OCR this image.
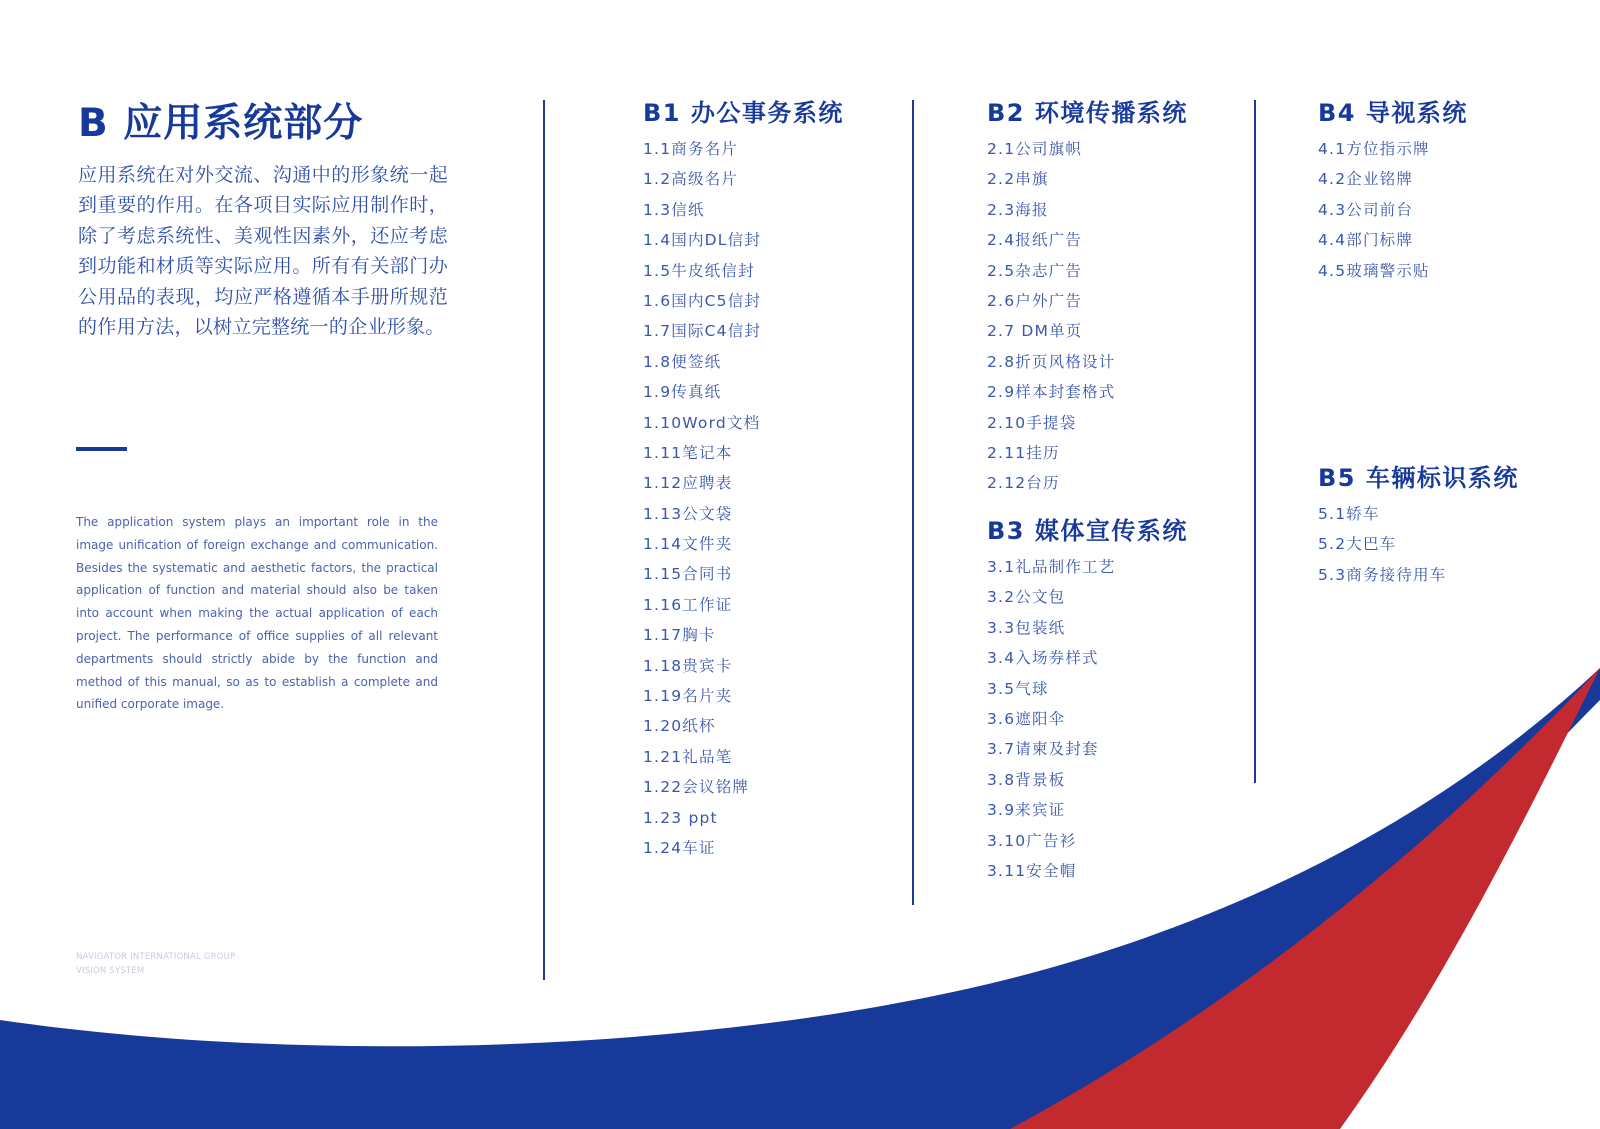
B 应用系统部分
应用系统在对外交流、沟通中的形象统一起到重要的作用。在各项目实际应用制作时，除了考虑系统性、美观性因素外，还应考虑到功能和材质等实际应用。所有有关部门办公用品的表现，均应严格遵循本手册所规范的作用方法，以树立完整统一的企业形象。
The application system plays an important role in the image unification of foreign exchange and communication. Besides the systematic and aesthetic factors, the practical application of function and material should also be taken into account when making the actual application of each project. The performance of office supplies of all relevant departments should strictly abide by the function and method of this manual, so as to establish a complete and unified corporate image.
NAVIGATOR INTERNATIONAL GROUP
VISION SYSTEM
B1 办公事务系统
1.1商务名片
1.2高级名片
1.3信纸
1.4国内DL信封
1.5牛皮纸信封
1.6国内C5信封
1.7国际C4信封
1.8便签纸
1.9传真纸
1.10Word文档
1.11笔记本
1.12应聘表
1.13公文袋
1.14文件夹
1.15合同书
1.16工作证
1.17胸卡
1.18贵宾卡
1.19名片夹
1.20纸杯
1.21礼品笔
1.22会议铭牌
1.23 ppt
1.24车证
B2 环境传播系统
2.1公司旗帜
2.2串旗
2.3海报
2.4报纸广告
2.5杂志广告
2.6户外广告
2.7 DM单页
2.8折页风格设计
2.9样本封套格式
2.10手提袋
2.11挂历
2.12台历
B3 媒体宣传系统
3.1礼品制作工艺
3.2公文包
3.3包装纸
3.4入场券样式
3.5气球
3.6遮阳伞
3.7请柬及封套
3.8背景板
3.9来宾证
3.10广告衫
3.11安全帽
B4 导视系统
4.1方位指示牌
4.2企业铭牌
4.3公司前台
4.4部门标牌
4.5玻璃警示贴
B5 车辆标识系统
5.1轿车
5.2大巴车
5.3商务接待用车
